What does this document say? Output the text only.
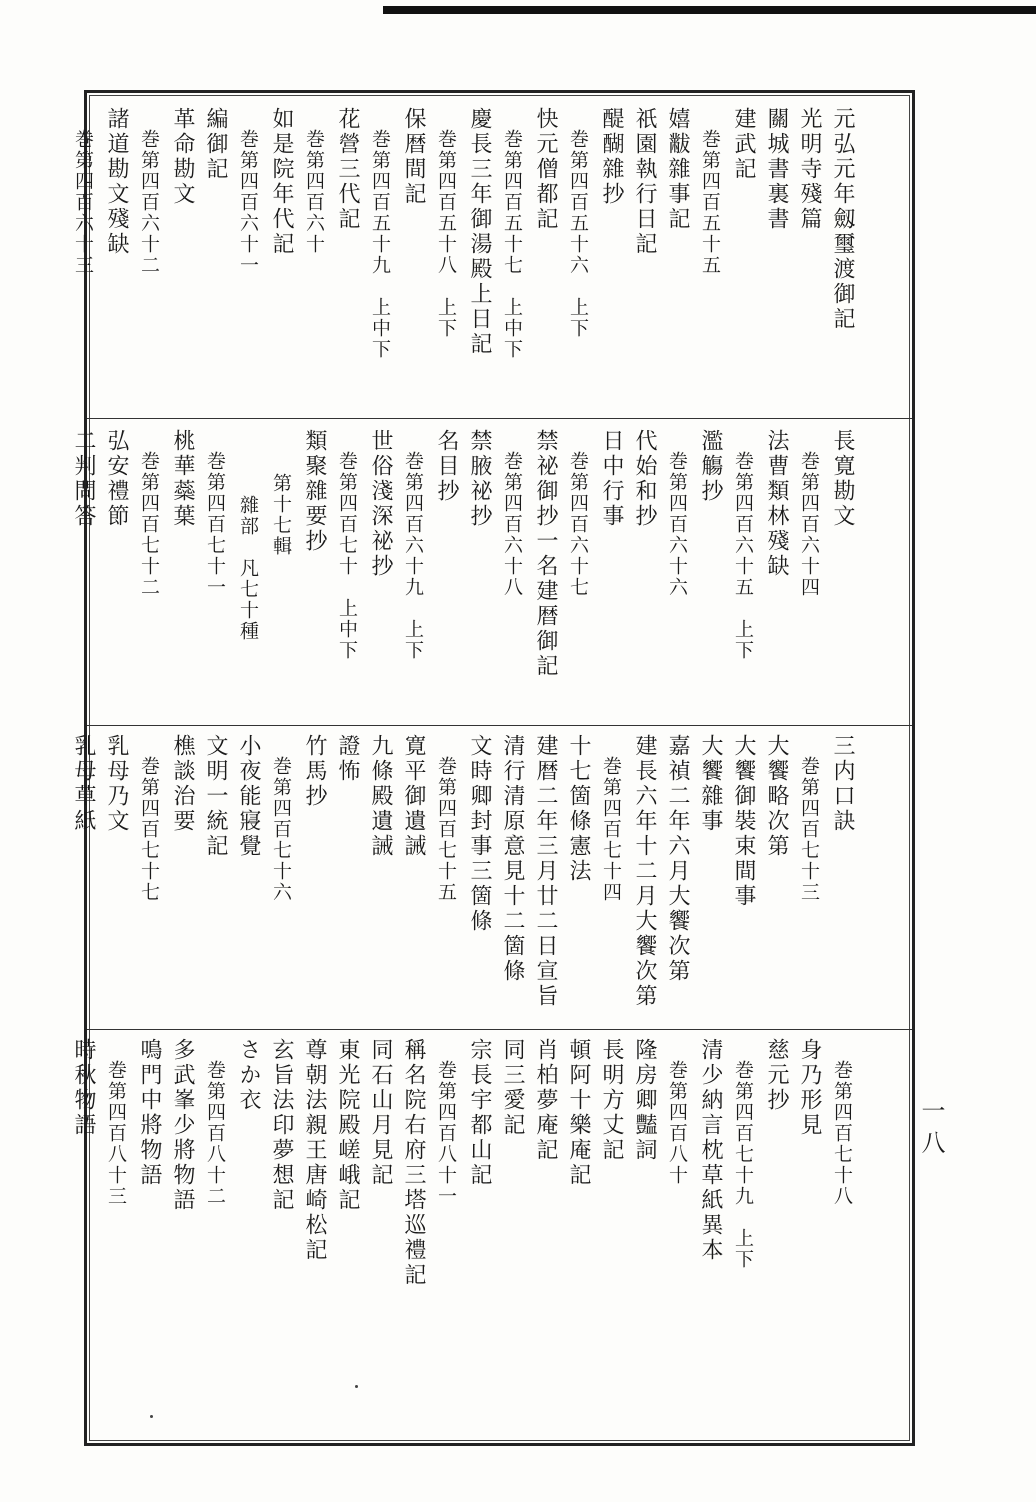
元弘元年劔璽渡御記
光明寺殘篇
關城書裏書
建武記
巻第四百五十五
嬉黻雜事記
祇園執行日記
醍醐雜抄
巻第四百五十六　上下
快元僧都記
巻第四百五十七　上中下
慶長三年御湯殿上日記
巻第四百五十八　上下
保暦間記
巻第四百五十九　上中下
花營三代記
巻第四百六十
如是院年代記
巻第四百六十一
編御記
革命勘文
巻第四百六十二
諸道勘文殘缺
巻第四百六十三
長寛勘文
巻第四百六十四
法曹類林殘缺
巻第四百六十五　上下
濫觴抄
巻第四百六十六
代始和抄
日中行事
巻第四百六十七
禁祕御抄一名建暦御記
巻第四百六十八
禁腋祕抄
名目抄
巻第四百六十九　上下
世俗淺深祕抄
巻第四百七十　上中下
類聚雜要抄
第十七輯
雜部　凡七十種
巻第四百七十一
桃華蘂葉
巻第四百七十二
弘安禮節
二判問答
三内口訣
巻第四百七十三
大饗略次第
大饗御裝束間事
大饗雜事
嘉禎二年六月大饗次第
建長六年十二月大饗次第
巻第四百七十四
十七箇條憲法
建暦二年三月廿二日宣旨
清行清原意見十二箇條
文時卿封事三箇條
巻第四百七十五
寛平御遺誡
九條殿遺誡
證怖
竹馬抄
巻第四百七十六
小夜能寢覺
文明一統記
樵談治要
巻第四百七十七
乳母乃文
乳母草紙
巻第四百七十八
身乃形見
慈元抄
巻第四百七十九　上下
清少納言枕草紙異本
巻第四百八十
隆房卿豔詞
長明方丈記
頓阿十樂庵記
肖柏夢庵記
同三愛記
宗長宇都山記
巻第四百八十一
稱名院右府三塔巡禮記
同石山月見記
東光院殿嵯峨記
尊朝法親王唐崎松記
玄旨法印夢想記
さか衣
巻第四百八十二
多武峯少將物語
鳴門中將物語
巻第四百八十三
時秋物語	一八
